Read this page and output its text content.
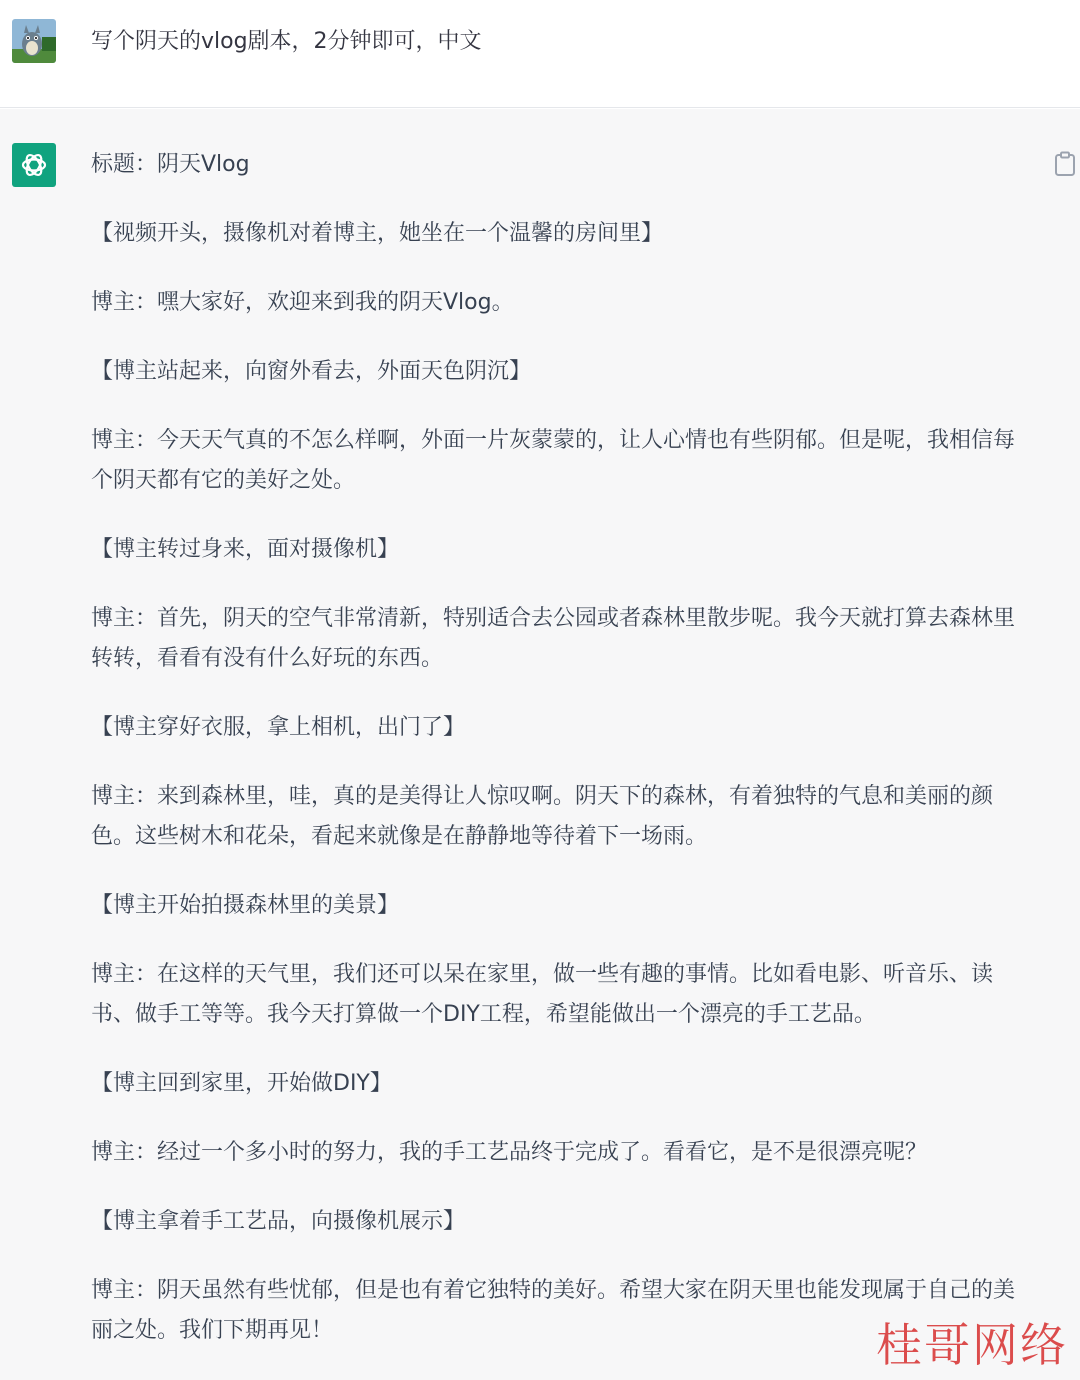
写个阴天的vlog剧本，2分钟即可，中文

标题：阴天Vlog

【视频开头，摄像机对着博主，她坐在一个温馨的房间里】

博主：嘿大家好，欢迎来到我的阴天Vlog。

【博主站起来，向窗外看去，外面天色阴沉】

博主：今天天气真的不怎么样啊，外面一片灰蒙蒙的，让人心情也有些阴郁。但是呢，我相信每个阴天都有它的美好之处。

【博主转过身来，面对摄像机】

博主：首先，阴天的空气非常清新，特别适合去公园或者森林里散步呢。我今天就打算去森林里转转，看看有没有什么好玩的东西。

【博主穿好衣服，拿上相机，出门了】

博主：来到森林里，哇，真的是美得让人惊叹啊。阴天下的森林，有着独特的气息和美丽的颜色。这些树木和花朵，看起来就像是在静静地等待着下一场雨。

【博主开始拍摄森林里的美景】

博主：在这样的天气里，我们还可以呆在家里，做一些有趣的事情。比如看电影、听音乐、读书、做手工等等。我今天打算做一个DIY工程，希望能做出一个漂亮的手工艺品。

【博主回到家里，开始做DIY】

博主：经过一个多小时的努力，我的手工艺品终于完成了。看看它，是不是很漂亮呢？

【博主拿着手工艺品，向摄像机展示】

博主：阴天虽然有些忧郁，但是也有着它独特的美好。希望大家在阴天里也能发现属于自己的美丽之处。我们下期再见！	桂哥网络
